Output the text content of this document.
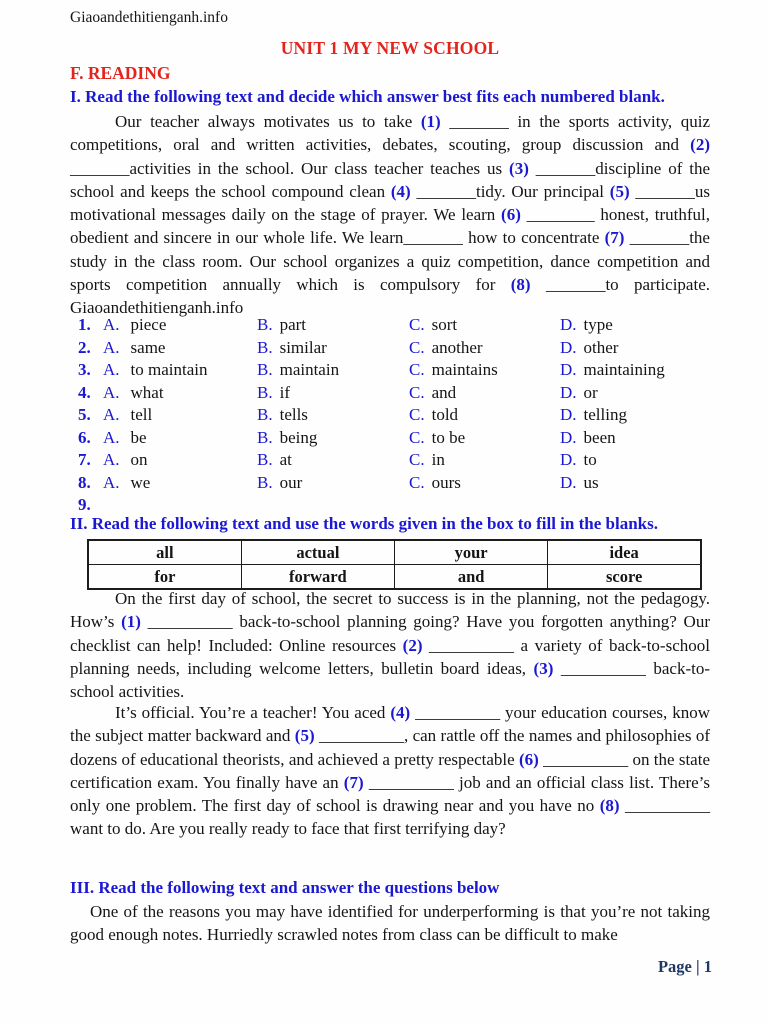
Giaoandethitienganh.info
UNIT 1 MY NEW SCHOOL
F. READING
I. Read the following text and decide which answer best fits each numbered blank.

Our teacher always motivates us to take (1) _______ in the sports activity, quiz competitions, oral and written activities, debates, scouting, group discussion and (2) _______activities in the school. Our class teacher teaches us (3) _______discipline of the school and keeps the school compound clean (4) _______tidy. Our principal (5) _______us motivational messages daily on the stage of prayer. We learn (6) ________ honest, truthful, obedient and sincere in our whole life. We learn_______ how to concentrate (7) _______the study in the class room. Our school organizes a quiz competition, dance competition and sports competition annually which is compulsory for (8) _______to participate. Giaoandethitienganh.info

1. A. piece	B. part	C. sort	D. type
2. A. same	B. similar	C. another	D. other
3. A. to maintain	B. maintain	C. maintains	D. maintaining
4. A. what	B. if	C. and	D. or
5. A. tell	B. tells	C. told	D. telling
6. A. be	B. being	C. to be	D. been
7. A. on	B. at	C. in	D. to
8. A. we	B. our	C. ours	D. us
9.
II. Read the following text and use the words given in the box to fill in the blanks.
all	actual	your	idea
for	forward	and	score

On the first day of school, the secret to success is in the planning, not the pedagogy. How’s (1) __________ back-to-school planning going? Have you forgotten anything? Our checklist can help! Included: Online resources (2) __________ a variety of back-to-school planning needs, including welcome letters, bulletin board ideas, (3) __________ back-to-school activities.

It’s official. You’re a teacher! You aced (4) __________ your education courses, know the subject matter backward and (5) __________, can rattle off the names and philosophies of dozens of educational theorists, and achieved a pretty respectable (6) __________ on the state certification exam. You finally have an (7) __________ job and an official class list. There’s only one problem. The first day of school is drawing near and you have no (8) __________ want to do. Are you really ready to face that first terrifying day?

III. Read the following text and answer the questions below

One of the reasons you may have identified for underperforming is that you’re not taking good enough notes. Hurriedly scrawled notes from class can be difficult to make

Page | 1
